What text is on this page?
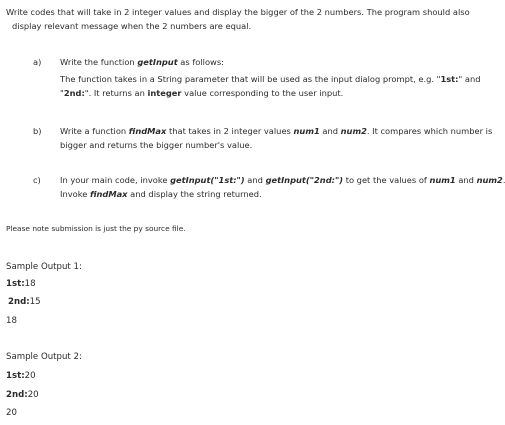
Write codes that will take in 2 integer values and display the bigger of the 2 numbers. The program should also
display relevant message when the 2 numbers are equal.
a) Write the function getInput as follows:
The function takes in a String parameter that will be used as the input dialog prompt, e.g. "1st:" and
"2nd:". It returns an integer value corresponding to the user input.
b) Write a function findMax that takes in 2 integer values num1 and num2. It compares which number is
bigger and returns the bigger number's value.
c) In your main code, invoke getInput("1st:") and getInput("2nd:") to get the values of num1 and num2
Invoke findMax and display the string returned.
Please note submission is just the py source file.
Sample Output 1:
1st:18
2nd:15
18
Sample Output 2:
1st:20
2nd:20
20
